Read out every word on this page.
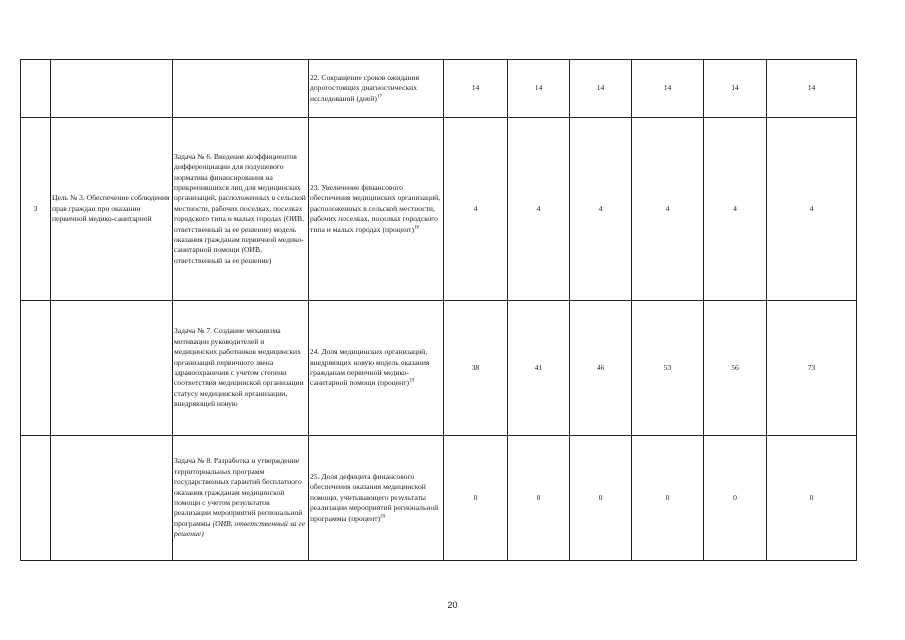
			22. Сокращение сроков ожидания дорогостоящих диагностических исследований (дней)$^{17}$	14	14	14	14	14	14
3	Цель № 3. Обеспечение соблюдения прав граждан при оказании первичной медико-санитарной	Задача № 6. Введение коэффициентов дифференциации для подушевого норматива финансирования на прикрепившихся лиц для медицинских организаций, расположенных в сельской местности, рабочих поселках, поселках городского типа и малых городах (ОИВ, ответственный за ее решение) модель оказания гражданам первичной медико-санитарной помощи (ОИВ, ответственный за ее решение)	23. Увеличение финансового обеспечения медицинских организаций, расположенных в сельской местности, рабочих поселках, поселках городского типа и малых городах (процент)$^{18}$	4	4	4	4	4	4
		Задача № 7. Создание механизма мотивации руководителей и медицинских работников медицинских организаций первичного звена здравоохранения с учетом степени соответствия медицинской организации статусу медицинской организации, внедряющей новую	24. Доля медицинских организаций, внедряющих новую модель оказания гражданам первичной медико-санитарной помощи (процент)$^{19}$	38	41	46	53	56	73
		Задача № 8. Разработка и утверждение территориальных программ государственных гарантий бесплатного оказания гражданам медицинской помощи с учетом результатов реализации мероприятий региональной программы (ОИВ, ответственный за ее решение)	25. Доля дефицита финансового обеспечения оказания медицинской помощи, учитывающего результаты реализации мероприятий региональной программы (процент)$^{20}$	0	0	0	0	0	0
20
